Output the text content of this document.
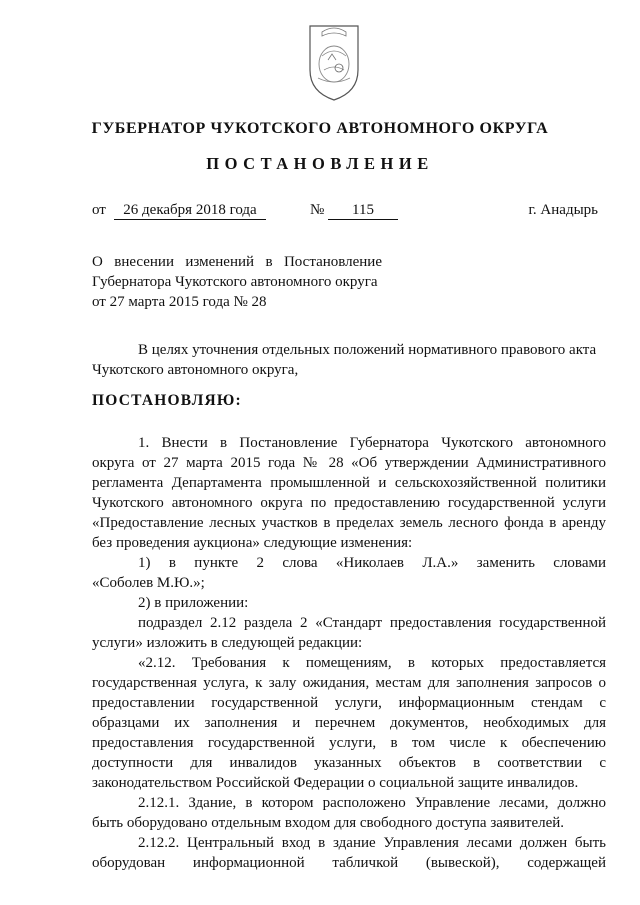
ГУБЕРНАТОР ЧУКОТСКОГО АВТОНОМНОГО ОКРУГА
ПОСТАНОВЛЕНИЕ
от	26 декабря 2018 года	№	115	г. Анадырь
О внесении изменений в Постановление
Губернатора Чукотского автономного округа
от 27 марта 2015 года № 28
В целях уточнения отдельных положений нормативного правового акта
Чукотского автономного округа,
ПОСТАНОВЛЯЮ:
1. Внести в Постановление Губернатора Чукотского автономного
округа от 27 марта 2015 года № 28 «Об утверждении Административного
регламента Департамента промышленной и сельскохозяйственной политики
Чукотского автономного округа по предоставлению государственной услуги
«Предоставление лесных участков в пределах земель лесного фонда в аренду
без проведения аукциона» следующие изменения:
1) в пункте 2 слова «Николаев Л.А.» заменить словами
«Соболев М.Ю.»;
2) в приложении:
подраздел 2.12 раздела 2 «Стандарт предоставления государственной
услуги» изложить в следующей редакции:
«2.12. Требования к помещениям, в которых предоставляется
государственная услуга, к залу ожидания, местам для заполнения запросов о
предоставлении государственной услуги, информационным стендам с
образцами их заполнения и перечнем документов, необходимых для
предоставления государственной услуги, в том числе к обеспечению
доступности для инвалидов указанных объектов в соответствии с
законодательством Российской Федерации о социальной защите инвалидов.
2.12.1. Здание, в котором расположено Управление лесами, должно
быть оборудовано отдельным входом для свободного доступа заявителей.
2.12.2. Центральный вход в здание Управления лесами должен быть
оборудован информационной табличкой (вывеской), содержащей
